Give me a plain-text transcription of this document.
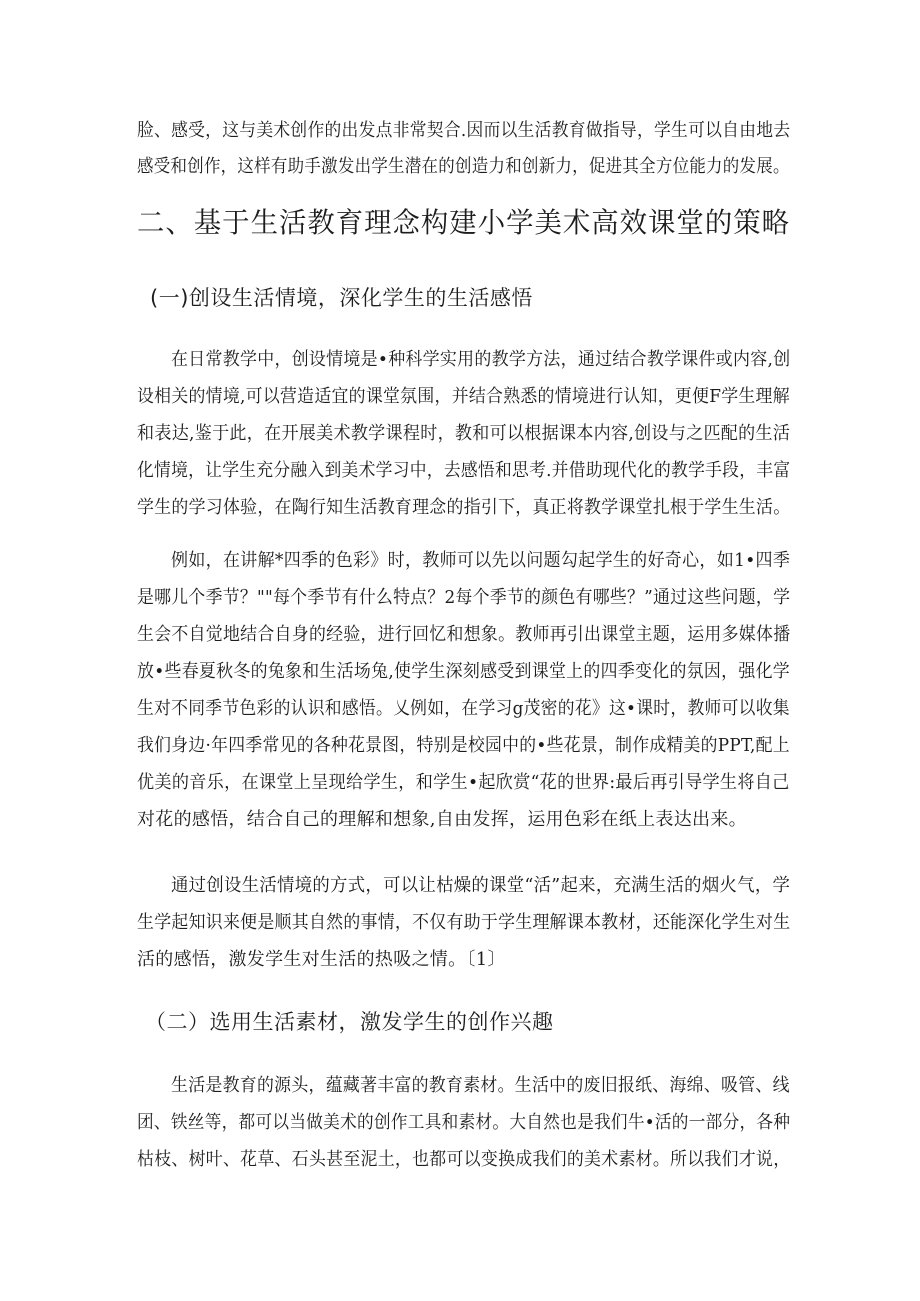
脸、感受，这与美术创作的出发点非常契合.因而以生活教育做指导，学生可以自由地去
感受和创作，这样有助手激发出学生潜在的创造力和创新力，促进其全方位能力的发展。
二、基于生活教育理念构建小学美术高效课堂的策略
(一)创设生活情境，深化学生的生活感悟
在日常教学中，创设情境是•种科学实用的教学方法，通过结合教学课件或内容,创
设相关的情境,可以营造适宜的课堂氛围，并结合熟悉的情境进行认知，更便F学生理解
和表达,鉴于此，在开展美术教学课程时，教和可以根据课本内容,创设与之匹配的生活
化情境，让学生充分融入到美术学习中，去感悟和思考.并借助现代化的教学手段，丰富
学生的学习体验，在陶行知生活教育理念的指引下，真正将教学课堂扎根于学生生活。
例如，在讲解*四季的色彩》时，教师可以先以问题勾起学生的好奇心，如1•四季
是哪儿个季节？""每个季节有什么特点？2每个季节的颜色有哪些？”通过这些问题，学
生会不自觉地结合自身的经验，进行回忆和想象。教师再引出课堂主题，运用多媒体播
放•些春夏秋冬的兔象和生活场兔,使学生深刻感受到课堂上的四季变化的氛因，强化学
生对不同季节色彩的认识和感悟。乂例如，在学习g茂密的花》这•课时，教师可以收集
我们身边·年四季常见的各种花景图，特别是校园中的•些花景，制作成精美的PPT,配上
优美的音乐，在课堂上呈现给学生，和学生•起欣赏“花的世界:最后再引导学生将自己
对花的感悟，结合自己的理解和想象,自由发挥，运用色彩在纸上表达出来。
通过创设生活情境的方式，可以让枯燥的课堂“活”起来，充满生活的烟火气，学
生学起知识来便是顺其自然的事情，不仅有助于学生理解课本教材，还能深化学生对生
活的感悟，激发学生对生活的热吸之情。〔1〕
（二）选用生活素材，激发学生的创作兴趣
生活是教育的源头，蕴藏著丰富的教育素材。生活中的废旧报纸、海绵、吸管、线
团、铁丝等，都可以当做美术的创作工具和素材。大自然也是我们牛•活的一部分，各种
枯枝、树叶、花草、石头甚至泥土，也都可以变换成我们的美术素材。所以我们才说，
